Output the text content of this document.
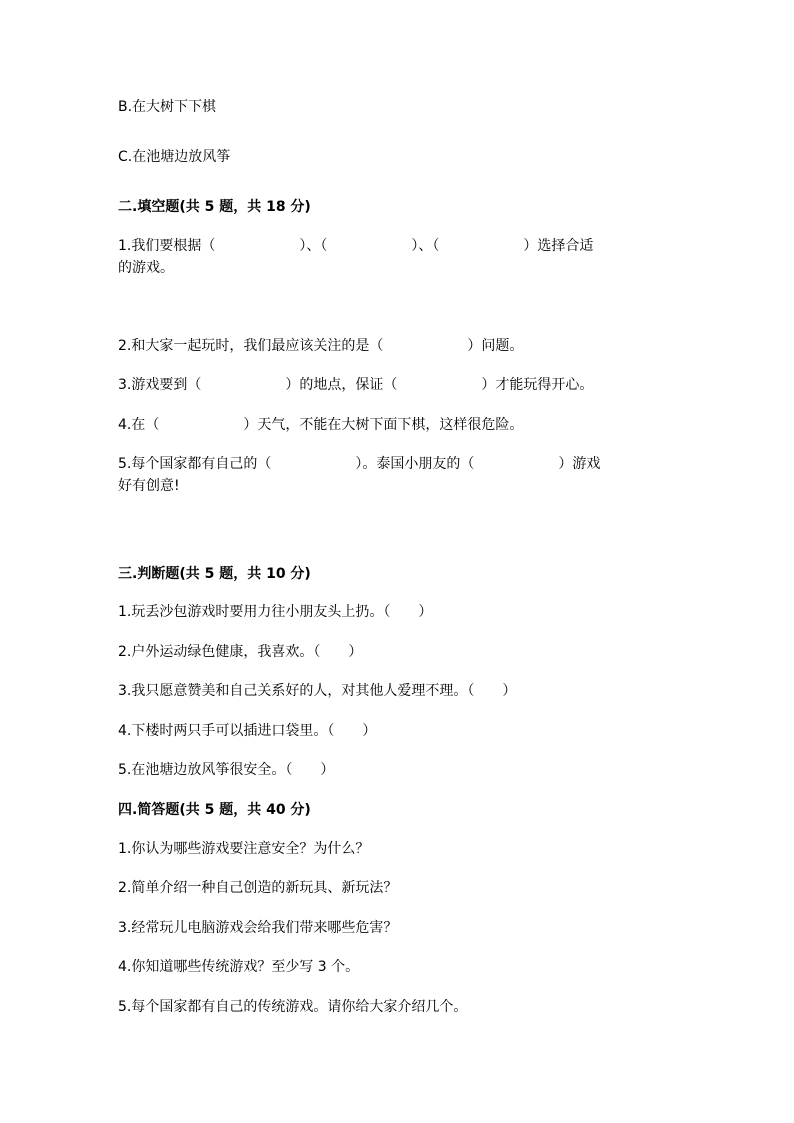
B.在大树下下棋
C.在池塘边放风筝
二.填空题(共 5 题，共 18 分)
1.我们要根据（　　　　　　）、（　　　　　　）、（　　　　　　）选择合适
的游戏。
2.和大家一起玩时，我们最应该关注的是（　　　　　　）问题。
3.游戏要到（　　　　　　）的地点，保证（　　　　　　）才能玩得开心。
4.在（　　　　　　）天气，不能在大树下面下棋，这样很危险。
5.每个国家都有自己的（　　　　　　）。泰国小朋友的（　　　　　　）游戏
好有创意!
三.判断题(共 5 题，共 10 分)
1.玩丢沙包游戏时要用力往小朋友头上扔。（　　）
2.户外运动绿色健康，我喜欢。（　　）
3.我只愿意赞美和自己关系好的人，对其他人爱理不理。（　　）
4.下楼时两只手可以插进口袋里。（　　）
5.在池塘边放风筝很安全。（　　）
四.简答题(共 5 题，共 40 分)
1.你认为哪些游戏要注意安全？为什么？
2.简单介绍一种自己创造的新玩具、新玩法？
3.经常玩儿电脑游戏会给我们带来哪些危害？
4.你知道哪些传统游戏？至少写 3 个。
5.每个国家都有自己的传统游戏。请你给大家介绍几个。
